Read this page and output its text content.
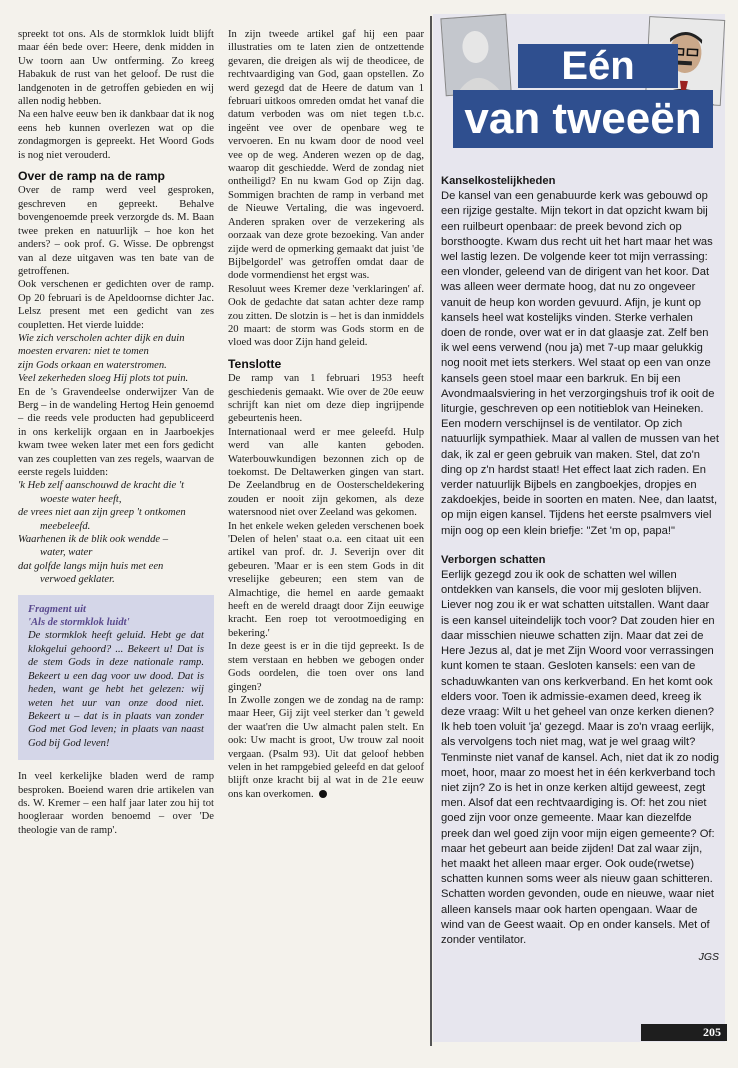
spreekt tot ons. Als de stormklok luidt blijft maar één bede over: Heere, denk midden in Uw toorn aan Uw ontferming. Zo kreeg Habakuk de rust van het geloof. De rust die landgenoten in de getroffen gebieden en wij allen nodig hebben.

Na een halve eeuw ben ik dankbaar dat ik nog eens heb kunnen overlezen wat op die zondagmorgen is gepreekt. Het Woord Gods is nog niet verouderd.

Over de ramp na de ramp

Over de ramp werd veel gesproken, geschreven en gepreekt. Behalve bovengenoemde preek verzorgde ds. M. Baan twee preken en natuurlijk – hoe kon het anders? – ook prof. G. Wisse. De opbrengst van al deze uitgaven was ten bate van de getroffenen.

Ook verschenen er gedichten over de ramp. Op 20 februari is de Apeldoornse dichter Jac. Lelsz present met een gedicht van zes coupletten. Het vierde luidde:

Wie zich verscholen achter dijk en duin
moesten ervaren: niet te tomen
zijn Gods orkaan en waterstromen.
Veel zekerheden sloeg Hij plots tot puin.

En de 's Gravendeelse onderwijzer Van de Berg – in de wandeling Hertog Hein genoemd – die reeds vele producten had gepubliceerd in ons kerkelijk orgaan en in Jaarboekjes kwam twee weken later met een fors gedicht van zes coupletten van zes regels, waarvan de eerste regels luidden:

'k Heb zelf aanschouwd de kracht die 't
woeste water heeft,
de vrees niet aan zijn greep 't ontkomen
meebeleefd.
Waarhenen ik de blik ook wendde –
water, water
dat golfde langs mijn huis met een
verwoed geklater.
Fragment uit
'Als de stormklok luidt'
De stormklok heeft geluid. Hebt ge dat klokgelui gehoord? ... Bekeert u! Dat is de stem Gods in deze nationale ramp. Bekeert u een dag voor uw dood. Dat is heden, want ge hebt het gelezen: wij weten het uur van onze dood niet. Bekeert u – dat is in plaats van zonder God met God leven; in plaats van naast God bij God leven!

In veel kerkelijke bladen werd de ramp besproken. Boeiend waren drie artikelen van ds. W. Kremer – een half jaar later zou hij tot hoogleraar worden benoemd – over 'De theologie van de ramp'.

In zijn tweede artikel gaf hij een paar illustraties om te laten zien de ontzettende gevaren, die dreigen als wij de theodicee, de rechtvaardiging van God, gaan opstellen. Zo werd gezegd dat de Heere de datum van 1 februari uitkoos omreden omdat het vanaf die datum verboden was om niet tegen t.b.c. ingeënt vee over de openbare weg te vervoeren. En nu kwam door de nood veel vee op de weg. Anderen wezen op de dag, waarop dit geschiedde. Werd de zondag niet ontheiligd? En nu kwam God op Zijn dag. Sommigen brachten de ramp in verband met de Nieuwe Vertaling, die was ingevoerd. Anderen spraken over de verzekering als oorzaak van deze grote bezoeking. Van ander zijde werd de opmerking gemaakt dat juist 'de Bijbelgordel' was getroffen omdat daar de dode vormendienst het ergst was.

Resoluut wees Kremer deze 'verklaringen' af. Ook de gedachte dat satan achter deze ramp zou zitten. De slotzin is – het is dan inmiddels 20 maart: de storm was Gods storm en de vloed was door Zijn hand geleid.

Tenslotte

De ramp van 1 februari 1953 heeft geschiedenis gemaakt. Wie over de 20e eeuw schrijft kan niet om deze diep ingrijpende gebeurtenis heen.

Internationaal werd er mee geleefd. Hulp werd van alle kanten geboden. Waterbouwkundigen bezonnen zich op de toekomst. De Deltawerken gingen van start. De Zeelandbrug en de Oosterscheldekering zouden er nooit zijn gekomen, als deze watersnood niet over Zeeland was gekomen.

In het enkele weken geleden verschenen boek 'Delen of helen' staat o.a. een citaat uit een artikel van prof. dr. J. Severijn over dit gebeuren. 'Maar er is een stem Gods in dit vreselijke gebeuren; een stem van de Almachtige, die hemel en aarde gemaakt heeft en de wereld draagt door Zijn eeuwige kracht. Een roep tot verootmoediging en bekering.'

In deze geest is er in die tijd gepreekt. Is de stem verstaan en hebben we gebogen onder Gods oordelen, die toen over ons land gingen?

In Zwolle zongen we de zondag na de ramp: maar Heer, Gij zijt veel sterker dan 't geweld der waat'ren die Uw almacht palen stelt. En ook: Uw macht is groot, Uw trouw zal nooit vergaan. (Psalm 93). Uit dat geloof hebben velen in het rampgebied geleefd en dat geloof blijft onze kracht bij al wat in de 21e eeuw ons kan overkomen.

Eén
van tweeën
Kanselkostelijkheden

De kansel van een genabuurde kerk was gebouwd op een rijzige gestalte. Mijn tekort in dat opzicht kwam bij een ruilbeurt openbaar: de preek bevond zich op borsthoogte. Kwam dus recht uit het hart maar het was wel lastig lezen. De volgende keer tot mijn verrassing: een vlonder, geleend van de dirigent van het koor. Dat was alleen weer dermate hoog, dat nu zo ongeveer vanuit de heup kon worden gevuurd. Afijn, je kunt op kansels heel wat kostelijks vinden. Sterke verhalen doen de ronde, over wat er in dat glaasje zat. Zelf ben ik wel eens verwend (nou ja) met 7-up maar gelukkig nog nooit met iets sterkers. Wel staat op een van onze kansels geen stoel maar een barkruk. En bij een Avondmaalsviering in het verzorgingshuis trof ik ooit de liturgie, geschreven op een notitieblok van Heineken. Een modern verschijnsel is de ventilator. Op zich natuurlijk sympathiek. Maar al vallen de mussen van het dak, ik zal er geen gebruik van maken. Stel, dat zo'n ding op z'n hardst staat! Het effect laat zich raden. En verder natuurlijk Bijbels en zangboekjes, dropjes en zakdoekjes, beide in soorten en maten. Nee, dan laatst, op mijn eigen kansel. Tijdens het eerste psalmvers viel mijn oog op een klein briefje: "Zet 'm op, papa!"

Verborgen schatten

Eerlijk gezegd zou ik ook de schatten wel willen ontdekken van kansels, die voor mij gesloten blijven. Liever nog zou ik er wat schatten uitstallen. Want daar is een kansel uiteindelijk toch voor? Dat zouden hier en daar misschien nieuwe schatten zijn. Maar dat zei de Here Jezus al, dat je met Zijn Woord voor verrassingen kunt komen te staan. Gesloten kansels: een van de schaduwkanten van ons kerkverband. En het komt ook elders voor. Toen ik admissie-examen deed, kreeg ik deze vraag: Wilt u het geheel van onze kerken dienen? Ik heb toen voluit 'ja' gezegd. Maar is zo'n vraag eerlijk, als vervolgens toch niet mag, wat je wel graag wilt? Tenminste niet vanaf de kansel. Ach, niet dat ik zo nodig moet, hoor, maar zo moest het in één kerkverband toch niet zijn? Zo is het in onze kerken altijd geweest, zegt men. Alsof dat een rechtvaardiging is. Of: het zou niet goed zijn voor onze gemeente. Maar kan diezelfde preek dan wel goed zijn voor mijn eigen gemeente? Of: maar het gebeurt aan beide zijden! Dat zal waar zijn, het maakt het alleen maar erger. Ook oude(rwetse) schatten kunnen soms weer als nieuw gaan schitteren. Schatten worden gevonden, oude en nieuwe, waar niet alleen kansels maar ook harten opengaan. Waar de wind van de Geest waait. Op en onder kansels. Met of zonder ventilator.

JGS
205
